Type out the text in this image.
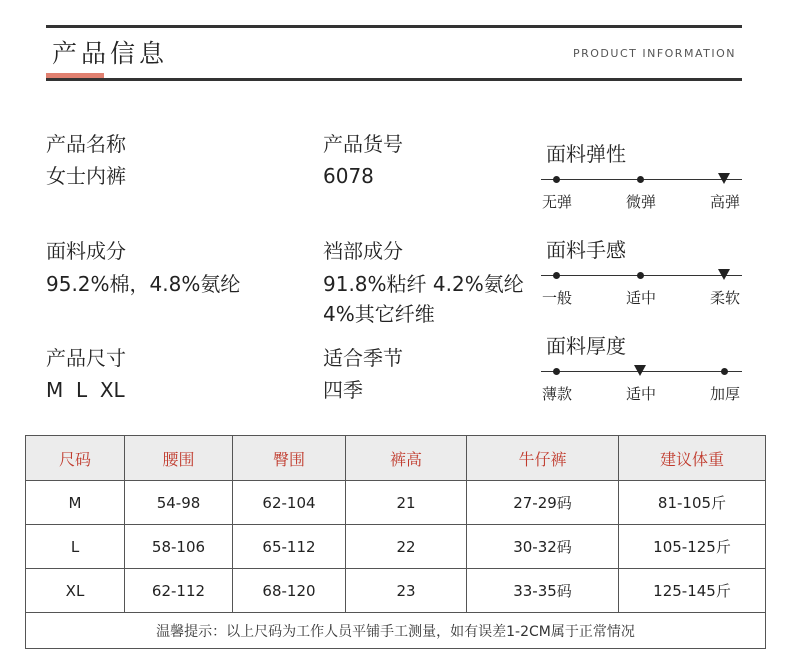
产品信息	PRODUCT INFORMATION
产品名称
女士内裤
产品货号
6078
面料成分
95.2%棉，4.8%氨纶
裆部成分
91.8%粘纤 4.2%氨纶
4%其它纤维
产品尺寸
M  L  XL
适合季节
四季
面料弹性
无弹	微弹	高弹
面料手感
一般	适中	柔软
面料厚度
薄款	适中	加厚
尺码	腰围	臀围	裤高	牛仔裤	建议体重
M	54-98	62-104	21	27-29码	81-105斤
L	58-106	65-112	22	30-32码	105-125斤
XL	62-112	68-120	23	33-35码	125-145斤
温馨提示：以上尺码为工作人员平铺手工测量，如有误差1-2CM属于正常情况					
